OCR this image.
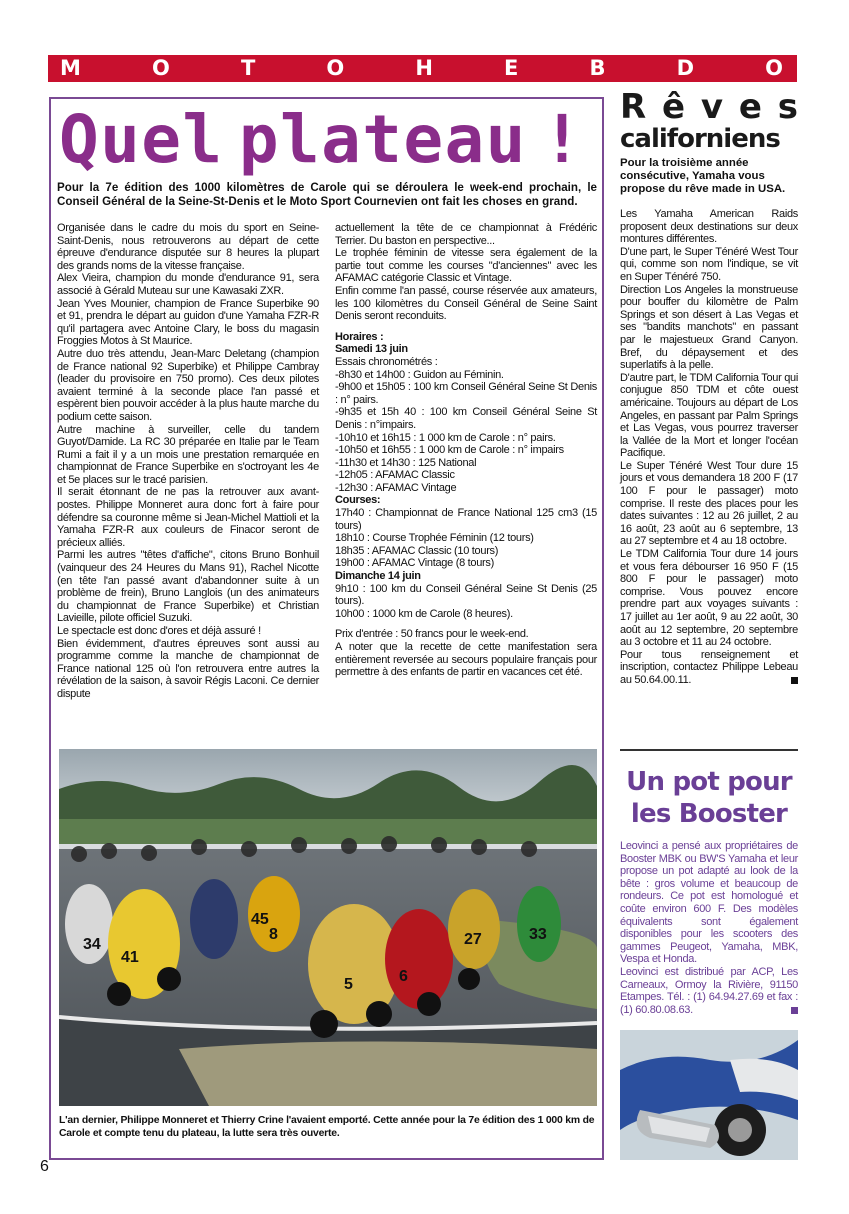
M	O	T	O	H	E	B	D	O
Q u e l p l a t e a u !

Pour la 7e édition des 1000 kilomètres de Carole qui se déroulera le week-end prochain, le Conseil Général de la Seine-St-Denis et le Moto Sport Cournevien ont fait les choses en grand.

Organisée dans le cadre du mois du sport en Seine-Saint-Denis, nous retrouverons au départ de cette épreuve d'endurance disputée sur 8 heures la plupart des grands noms de la vitesse française.

Alex Vieira, champion du monde d'endurance 91, sera associé à Gérald Muteau sur une Kawasaki ZXR.

Jean Yves Mounier, champion de France Superbike 90 et 91, prendra le départ au guidon d'une Yamaha FZR-R qu'il partagera avec Antoine Clary, le boss du magasin Froggies Motos à St Maurice.

Autre duo très attendu, Jean-Marc Deletang (champion de France national 92 Superbike) et Philippe Cambray (leader du provisoire en 750 promo). Ces deux pilotes avaient terminé à la seconde place l'an passé et espèrent bien pouvoir accéder à la plus haute marche du podium cette saison.

Autre machine à surveiller, celle du tandem Guyot/Damide. La RC 30 préparée en Italie par le Team Rumi a fait il y a un mois une prestation remarquée en championnat de France Superbike en s'octroyant les 4e et 5e places sur le tracé parisien.

Il serait étonnant de ne pas la retrouver aux avant-postes. Philippe Monneret aura donc fort à faire pour défendre sa couronne même si Jean-Michel Mattioli et la Yamaha FZR-R aux couleurs de Finacor seront de précieux alliés.

Parmi les autres "têtes d'affiche", citons Bruno Bonhuil (vainqueur des 24 Heures du Mans 91), Rachel Nicotte (en tête l'an passé avant d'abandonner suite à un problème de frein), Bruno Langlois (un des animateurs du championnat de France Superbike) et Christian Lavieille, pilote officiel Suzuki.

Le spectacle est donc d'ores et déjà assuré !

Bien évidemment, d'autres épreuves sont aussi au programme comme la manche de championnat de France national 125 où l'on retrouvera entre autres la révélation de la saison, à savoir Régis Laconi. Ce dernier dispute

actuellement la tête de ce championnat à Frédéric Terrier. Du baston en perspective...

Le trophée féminin de vitesse sera également de la partie tout comme les courses "d'anciennes" avec les AFAMAC catégorie Classic et Vintage.

Enfin comme l'an passé, course réservée aux amateurs, les 100 kilomètres du Conseil Général de Seine Saint Denis seront reconduits.

Horaires :

Samedi 13 juin

Essais chronométrés :

-8h30 et 14h00 : Guidon au Féminin.

-9h00 et 15h05 : 100 km Conseil Général Seine St Denis : n° pairs.

-9h35 et 15h 40 : 100 km Conseil Général Seine St Denis : n°impairs.

-10h10 et 16h15 : 1 000 km de Carole : n° pairs.

-10h50 et 16h55 : 1 000 km de Carole : n° impairs

-11h30 et 14h30 : 125 National

-12h05 : AFAMAC Classic

-12h30 : AFAMAC Vintage

Courses:

17h40 : Championnat de France National 125 cm3 (15 tours)

18h10 : Course Trophée Féminin (12 tours)

18h35 : AFAMAC Classic (10 tours)

19h00 : AFAMAC Vintage (8 tours)

Dimanche 14 juin

9h10 : 100 km du Conseil Général Seine St Denis (25 tours).

10h00 : 1000 km de Carole (8 heures).

Prix d'entrée : 50 francs pour le week-end.

A noter que la recette de cette manifestation sera entièrement reversée au secours populaire français pour permettre à des enfants de partir en vacances cet été.

34
41
8
45
5	6
27	33

L'an dernier, Philippe Monneret et Thierry Crine l'avaient emporté. Cette année pour la 7e édition des 1 000 km de Carole et compte tenu du plateau, la lutte sera très ouverte.

6
R ê v e s
californiens

Pour la troisième année consécutive, Yamaha vous propose du rêve made in USA.

Les Yamaha American Raids proposent deux destinations sur deux montures différentes.

D'une part, le Super Ténéré West Tour qui, comme son nom l'indique, se vit en Super Ténéré 750.

Direction Los Angeles la monstrueuse pour bouffer du kilomètre de Palm Springs et son désert à Las Vegas et ses "bandits manchots" en passant par le majestueux Grand Canyon. Bref, du dépaysement et des superlatifs à la pelle.

D'autre part, le TDM California Tour qui conjugue 850 TDM et côte ouest américaine. Toujours au départ de Los Angeles, en passant par Palm Springs et Las Vegas, vous pourrez traverser la Vallée de la Mort et longer l'océan Pacifique.

Le Super Ténéré West Tour dure 15 jours et vous demandera 18 200 F (17 100 F pour le passager) moto comprise. Il reste des places pour les dates suivantes : 12 au 26 juillet, 2 au 16 août, 23 août au 6 septembre, 13 au 27 septembre et 4 au 18 octobre.

Le TDM California Tour dure 14 jours et vous fera débourser 16 950 F (15 800 F pour le passager) moto comprise. Vous pouvez encore prendre part aux voyages suivants : 17 juillet au 1er août, 9 au 22 août, 30 août au 12 septembre, 20 septembre au 3 octobre et 11 au 24 octobre.

Pour tous renseignement et inscription, contactez Philippe Lebeau au 50.64.00.11.

Un pot pour les Booster

Leovinci a pensé aux propriétaires de Booster MBK ou BW'S Yamaha et leur propose un pot adapté au look de la bête : gros volume et beaucoup de rondeurs. Ce pot est homologué et coûte environ 600 F. Des modèles équivalents sont également disponibles pour les scooters des gammes Peugeot, Yamaha, MBK, Vespa et Honda.

Leovinci est distribué par ACP, Les Carneaux, Ormoy la Rivière, 91150 Etampes. Tél. : (1) 64.94.27.69 et fax : (1) 60.80.08.63.
